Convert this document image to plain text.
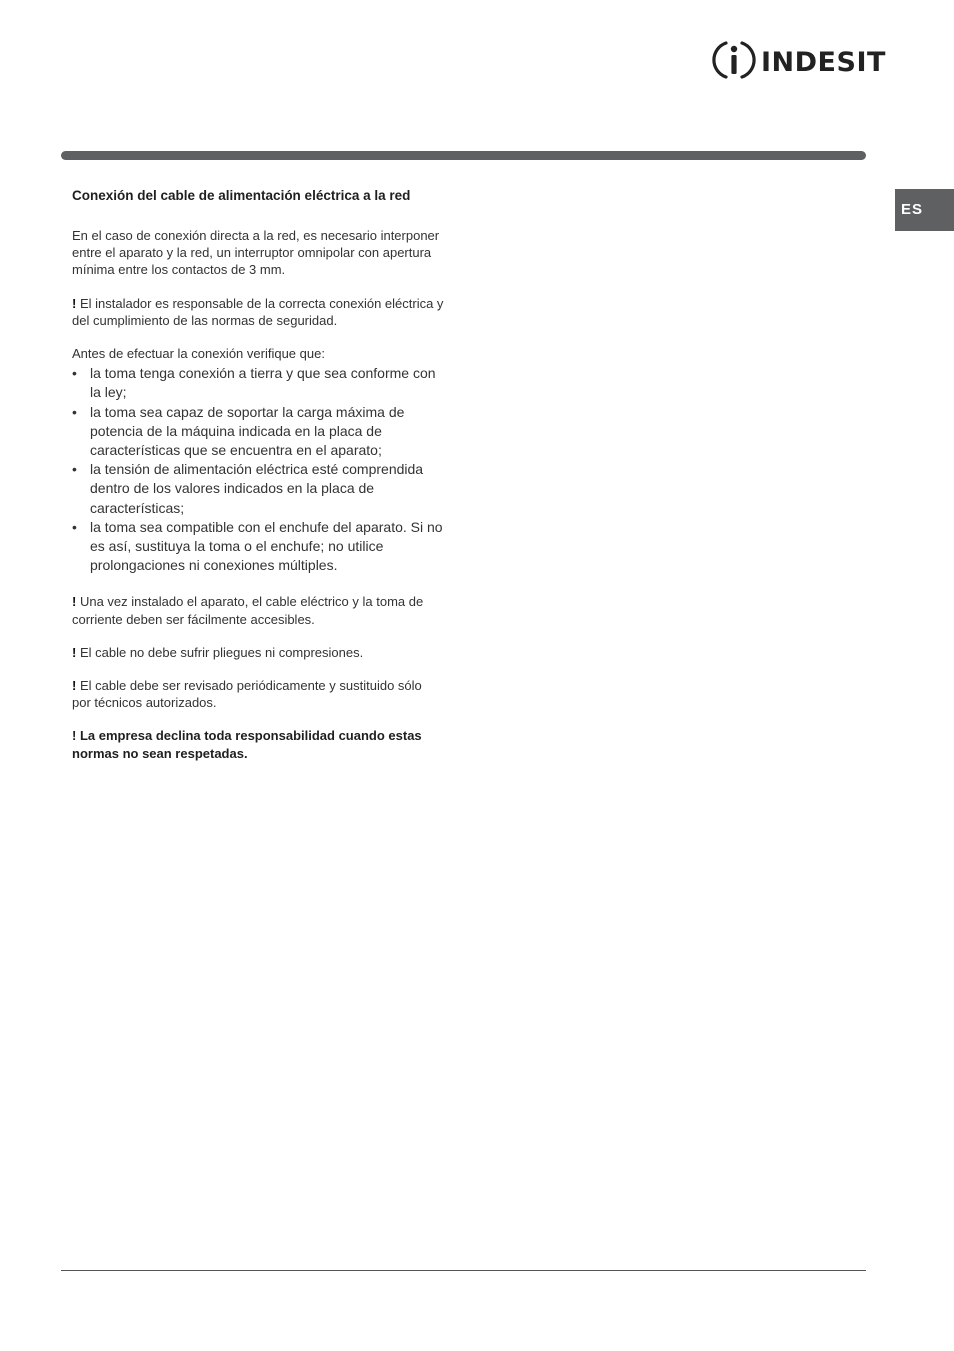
INDESIT
ES
Conexión del cable de alimentación eléctrica a la red

En el caso de conexión directa a la red, es necesario interponer entre el aparato y la red, un interruptor omnipolar con apertura mínima entre los contactos de 3 mm.

! El instalador es responsable de la correcta conexión eléctrica y del cumplimiento de las normas de seguridad.

Antes de efectuar la conexión verifique que:

• la toma tenga conexión a tierra y que sea conforme con la ley;
• la toma sea capaz de soportar la carga máxima de potencia de la máquina indicada en la placa de características que se encuentra en el aparato;
• la tensión de alimentación eléctrica esté comprendida dentro de los valores indicados en la placa de características;
• la toma sea compatible con el enchufe del aparato. Si no es así, sustituya la toma o el enchufe; no utilice prolongaciones ni conexiones múltiples.

! Una vez instalado el aparato, el cable eléctrico y la toma de corriente deben ser fácilmente accesibles.

! El cable no debe sufrir pliegues ni compresiones.

! El cable debe ser revisado periódicamente y sustituido sólo por técnicos autorizados.

! La empresa declina toda responsabilidad cuando estas normas no sean respetadas.
